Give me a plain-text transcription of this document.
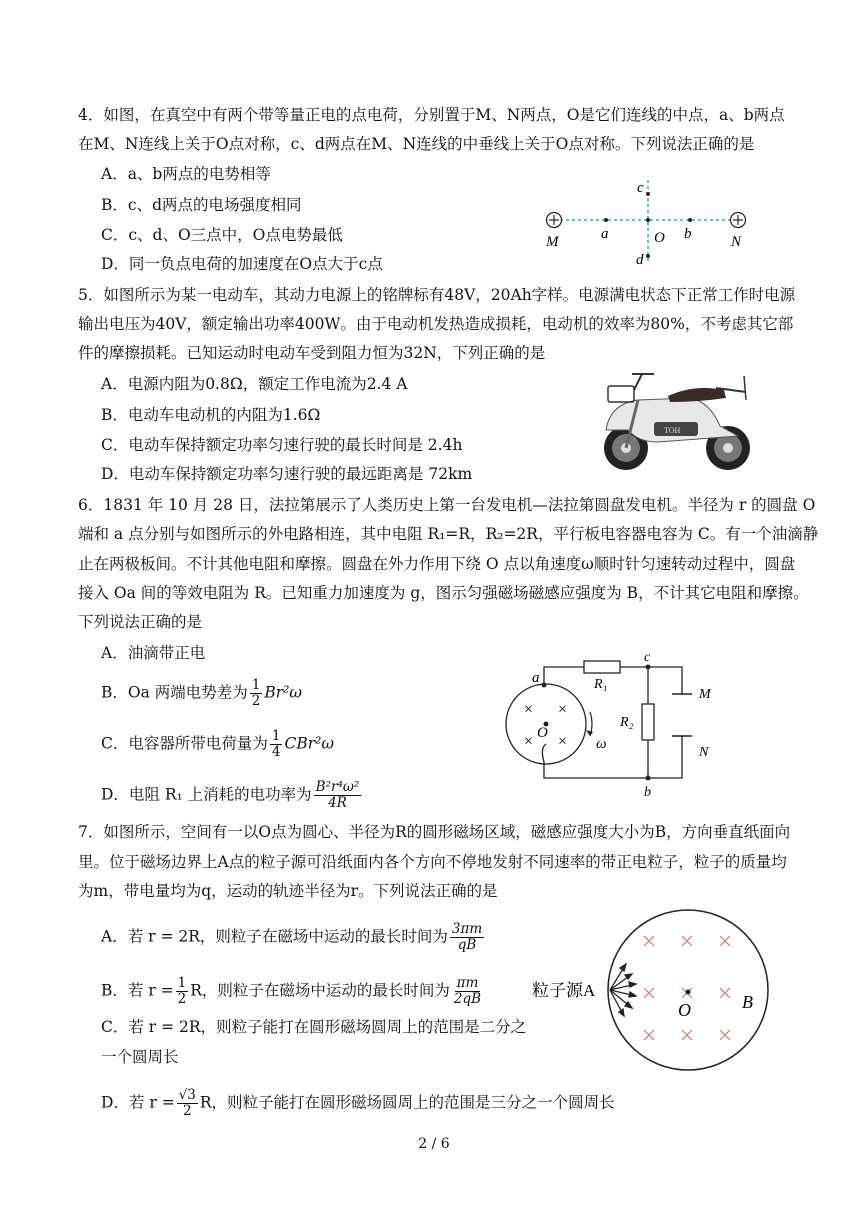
4．如图，在真空中有两个带等量正电的点电荷，分别置于M、N两点，O是它们连线的中点，a、b两点
在M、N连线上关于O点对称，c、d两点在M、N连线的中垂线上关于O点对称。下列说法正确的是
A．a、b两点的电势相等
B．c、d两点的电场强度相同
C．c、d、O三点中，O点电势最低
D．同一负点电荷的加速度在O点大于c点
M	N
a	b
O
c
d
5．如图所示为某一电动车，其动力电源上的铭牌标有48V，20Ah字样。电源满电状态下正常工作时电源
输出电压为40V，额定输出功率400W。由于电动机发热造成损耗，电动机的效率为80%，不考虑其它部
件的摩擦损耗。已知运动时电动车受到阻力恒为32N，下列正确的是
A．电源内阻为0.8Ω，额定工作电流为2.4 A
B．电动车电动机的内阻为1.6Ω
C．电动车保持额定功率匀速行驶的最长时间是 2.4h
D．电动车保持额定功率匀速行驶的最远距离是 72km
TOH
6．1831 年 10 月 28 日，法拉第展示了人类历史上第一台发电机—法拉第圆盘发电机。半径为 r 的圆盘 O
端和 a 点分别与如图所示的外电路相连，其中电阻 R₁=R，R₂=2R，平行板电容器电容为 C。有一个油滴静
止在两极板间。不计其他电阻和摩擦。圆盘在外力作用下绕 O 点以角速度ω顺时针匀速转动过程中，圆盘
接入 Oa 间的等效电阻为 R。已知重力加速度为 g，图示匀强磁场磁感应强度为 B，不计其它电阻和摩擦。
下列说法正确的是
A．油滴带正电
B．Oa 两端电势差为 $\frac{1}{2} Br^2\omega$
C．电容器所带电荷量为 $\frac{1}{4} CBr^2\omega$
D．电阻 R₁ 上消耗的电功率为 $\frac{\text{B²r⁴ω²}}{4R}$
O
a
× ×
× × ω
R₁
M
N
R₂
c
b
7．如图所示，空间有一以O点为圆心、半径为R的圆形磁场区域，磁感应强度大小为B，方向垂直纸面向
里。位于磁场边界上A点的粒子源可沿纸面内各个方向不停地发射不同速率的带正电粒子，粒子的质量均
为m，带电量均为q，运动的轨迹半径为r。下列说法正确的是
A．若 r = 2R，则粒子在磁场中运动的最长时间为 $\frac{3\pi m}{qB}$
B．若 $r = \frac{1}{2}$ R，则粒子在磁场中运动的最长时间为 $\frac{\pi m}{2qB}$
C．若 r = 2R，则粒子能打在圆形磁场圆周上的范围是二分之
一个圆周长
D．若 $r = \frac{√3}{2}$ R，则粒子能打在圆形磁场圆周上的范围是三分之一个圆周长
O	B
粒子源A
2 / 6
